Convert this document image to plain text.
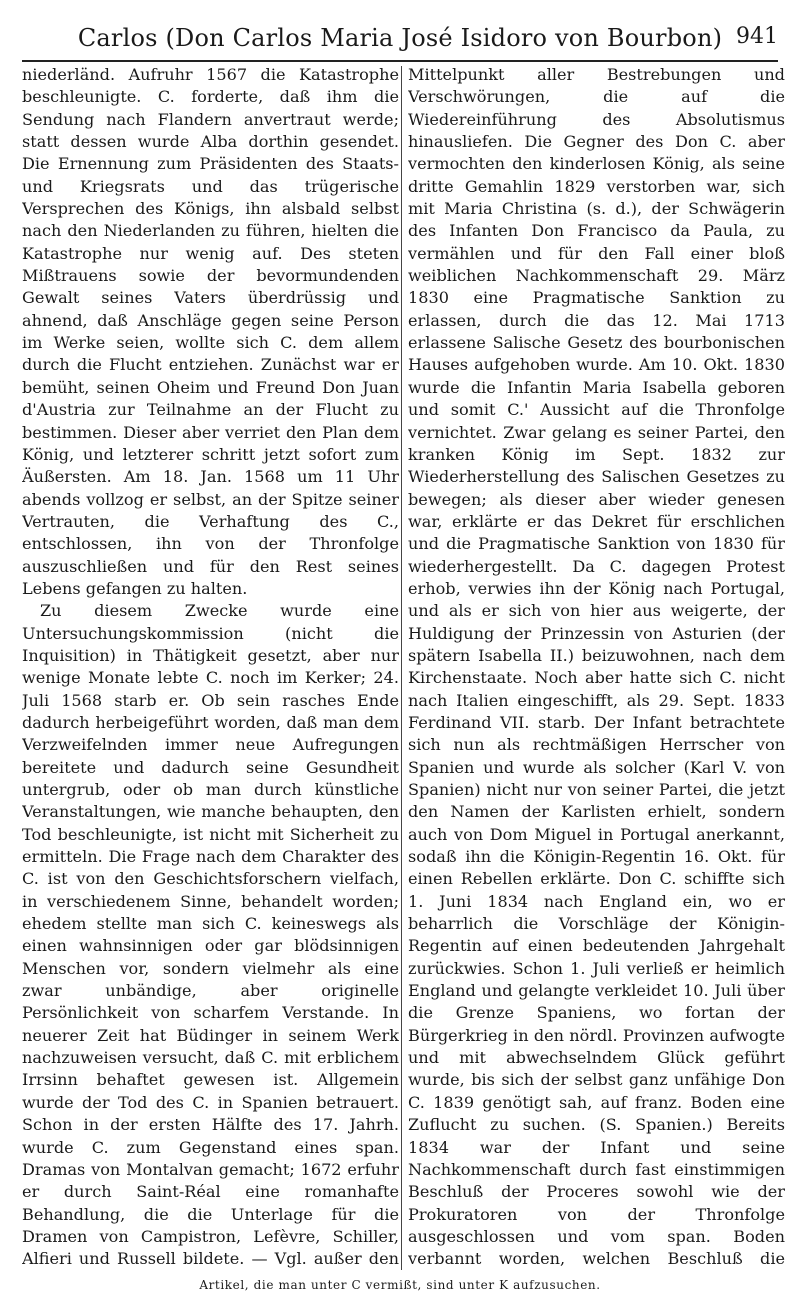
Carlos (Don Carlos Maria José Isidoro von Bourbon) 941

niederländ. Aufruhr 1567 die Katastrophe beschleunigte. C. forderte, daß ihm die Sendung nach Flandern anvertraut werde; statt dessen wurde Alba dorthin gesendet. Die Ernennung zum Präsidenten des Staats- und Kriegsrats und das trügerische Versprechen des Königs, ihn alsbald selbst nach den Niederlanden zu führen, hielten die Katastrophe nur wenig auf. Des steten Mißtrauens sowie der bevormundenden Gewalt seines Vaters überdrüssig und ahnend, daß Anschläge gegen seine Person im Werke seien, wollte sich C. dem allem durch die Flucht entziehen. Zunächst war er bemüht, seinen Oheim und Freund Don Juan d'Austria zur Teilnahme an der Flucht zu bestimmen. Dieser aber verriet den Plan dem König, und letzterer schritt jetzt sofort zum Äußersten. Am 18. Jan. 1568 um 11 Uhr abends vollzog er selbst, an der Spitze seiner Vertrauten, die Verhaftung des C., entschlossen, ihn von der Thronfolge auszuschließen und für den Rest seines Lebens gefangen zu halten.

Zu diesem Zwecke wurde eine Untersuchungskommission (nicht die Inquisition) in Thätigkeit gesetzt, aber nur wenige Monate lebte C. noch im Kerker; 24. Juli 1568 starb er. Ob sein rasches Ende dadurch herbeigeführt worden, daß man dem Verzweifelnden immer neue Aufregungen bereitete und dadurch seine Gesundheit untergrub, oder ob man durch künstliche Veranstaltungen, wie manche behaupten, den Tod beschleunigte, ist nicht mit Sicherheit zu ermitteln. Die Frage nach dem Charakter des C. ist von den Geschichtsforschern vielfach, in verschiedenem Sinne, behandelt worden; ehedem stellte man sich C. keineswegs als einen wahnsinnigen oder gar blödsinnigen Menschen vor, sondern vielmehr als eine zwar unbändige, aber originelle Persönlichkeit von scharfem Verstande. In neuerer Zeit hat Büdinger in seinem Werk nachzuweisen versucht, daß C. mit erblichem Irrsinn behaftet gewesen ist. Allgemein wurde der Tod des C. in Spanien betrauert. Schon in der ersten Hälfte des 17. Jahrh. wurde C. zum Gegenstand eines span. Dramas von Montalvan gemacht; 1672 erfuhr er durch Saint-Réal eine romanhafte Behandlung, die die Unterlage für die Dramen von Campistron, Lefèvre, Schiller, Alfieri und Russell bildete. — Vgl. außer den

Mittelpunkt aller Bestrebungen und Verschwörungen, die auf die Wiedereinführung des Absolutismus hinausliefen. Die Gegner des Don C. aber vermochten den kinderlosen König, als seine dritte Gemahlin 1829 verstorben war, sich mit Maria Christina (s. d.), der Schwägerin des Infanten Don Francisco da Paula, zu vermählen und für den Fall einer bloß weiblichen Nachkommenschaft 29. März 1830 eine Pragmatische Sanktion zu erlassen, durch die das 12. Mai 1713 erlassene Salische Gesetz des bourbonischen Hauses aufgehoben wurde. Am 10. Okt. 1830 wurde die Infantin Maria Isabella geboren und somit C.' Aussicht auf die Thronfolge vernichtet. Zwar gelang es seiner Partei, den kranken König im Sept. 1832 zur Wiederherstellung des Salischen Gesetzes zu bewegen; als dieser aber wieder genesen war, erklärte er das Dekret für erschlichen und die Pragmatische Sanktion von 1830 für wiederhergestellt. Da C. dagegen Protest erhob, verwies ihn der König nach Portugal, und als er sich von hier aus weigerte, der Huldigung der Prinzessin von Asturien (der spätern Isabella II.) beizuwohnen, nach dem Kirchenstaate. Noch aber hatte sich C. nicht nach Italien eingeschifft, als 29. Sept. 1833 Ferdinand VII. starb. Der Infant betrachtete sich nun als rechtmäßigen Herrscher von Spanien und wurde als solcher (Karl V. von Spanien) nicht nur von seiner Partei, die jetzt den Namen der Karlisten erhielt, sondern auch von Dom Miguel in Portugal anerkannt, sodaß ihn die Königin-Regentin 16. Okt. für einen Rebellen erklärte. Don C. schiffte sich 1. Juni 1834 nach England ein, wo er beharrlich die Vorschläge der Königin-Regentin auf einen bedeutenden Jahrgehalt zurückwies. Schon 1. Juli verließ er heimlich England und gelangte verkleidet 10. Juli über die Grenze Spaniens, wo fortan der Bürgerkrieg in den nördl. Provinzen aufwogte und mit abwechselndem Glück geführt wurde, bis sich der selbst ganz unfähige Don C. 1839 genötigt sah, auf franz. Boden eine Zuflucht zu suchen. (S. Spanien.) Bereits 1834 war der Infant und seine Nachkommenschaft durch fast einstimmigen Beschluß der Proceres sowohl wie der Prokuratoren von der Thronfolge ausgeschlossen und vom span. Boden verbannt worden, welchen Beschluß die

Artikel, die man unter C vermißt, sind unter K aufzusuchen.
